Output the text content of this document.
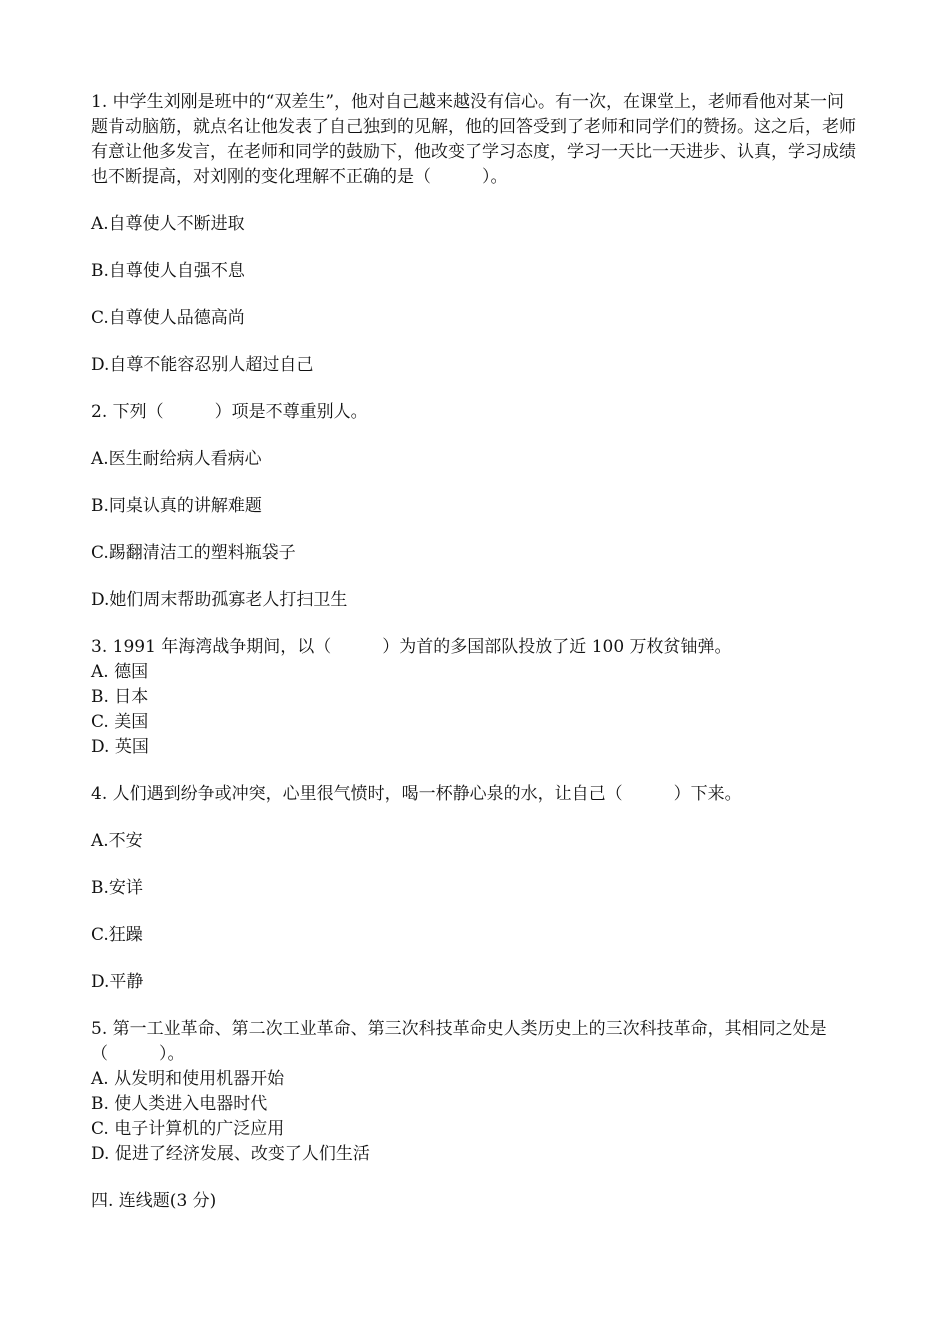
1. 中学生刘刚是班中的“双差生”，他对自己越来越没有信心。有一次，在课堂上，老师看他对某一问题肯动脑筋，就点名让他发表了自己独到的见解，他的回答受到了老师和同学们的赞扬。这之后，老师有意让他多发言，在老师和同学的鼓励下，他改变了学习态度，学习一天比一天进步、认真，学习成绩也不断提高，对刘刚的变化理解不正确的是（　　　）。

A.自尊使人不断进取
B.自尊使人自强不息
C.自尊使人品德高尚
D.自尊不能容忍别人超过自己
2. 下列（　　　）项是不尊重别人。
A.医生耐给病人看病心
B.同桌认真的讲解难题
C.踢翻清洁工的塑料瓶袋子
D.她们周末帮助孤寡老人打扫卫生
3. 1991 年海湾战争期间，以（　　　）为首的多国部队投放了近 100 万枚贫铀弹。
A. 德国
B. 日本
C. 美国
D. 英国
4. 人们遇到纷争或冲突，心里很气愤时，喝一杯静心泉的水，让自己（　　　）下来。
A.不安
B.安详
C.狂躁
D.平静
5. 第一工业革命、第二次工业革命、第三次科技革命史人类历史上的三次科技革命，其相同之处是（　　　）。
A. 从发明和使用机器开始
B. 使人类进入电器时代
C. 电子计算机的广泛应用
D. 促进了经济发展、改变了人们生活
四. 连线题(3 分)
